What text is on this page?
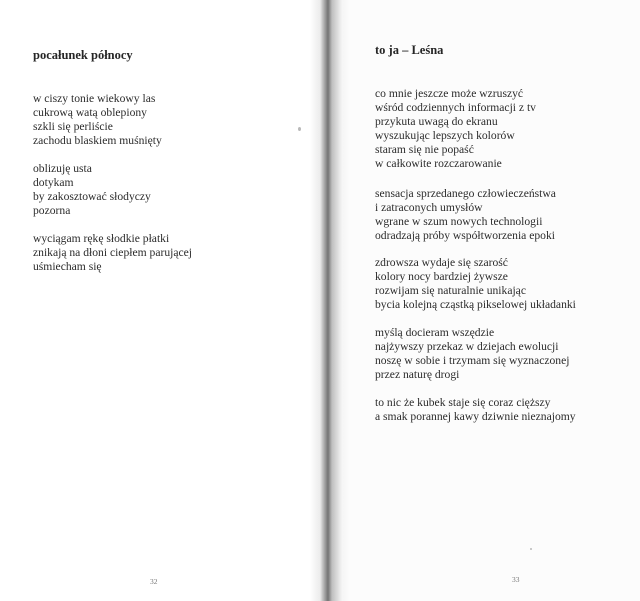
pocałunek północy
w ciszy tonie wiekowy las
cukrową watą oblepiony
szkli się perliście
zachodu blaskiem muśnięty
oblizuję usta
dotykam
by zakosztować słodyczy
pozorna
wyciągam rękę słodkie płatki
znikają na dłoni ciepłem parującej
uśmiecham się
32
to ja – Leśna
co mnie jeszcze może wzruszyć
wśród codziennych informacji z tv
przykuta uwagą do ekranu
wyszukując lepszych kolorów
staram się nie popaść
w całkowite rozczarowanie
sensacja sprzedanego człowieczeństwa
i zatraconych umysłów
wgrane w szum nowych technologii
odradzają próby współtworzenia epoki
zdrowsza wydaje się szarość
kolory nocy bardziej żywsze
rozwijam się naturalnie unikając
bycia kolejną cząstką pikselowej układanki
myślą docieram wszędzie
najżywszy przekaz w dziejach ewolucji
noszę w sobie i trzymam się wyznaczonej
przez naturę drogi
to nic że kubek staje się coraz cięższy
a smak porannej kawy dziwnie nieznajomy
33
